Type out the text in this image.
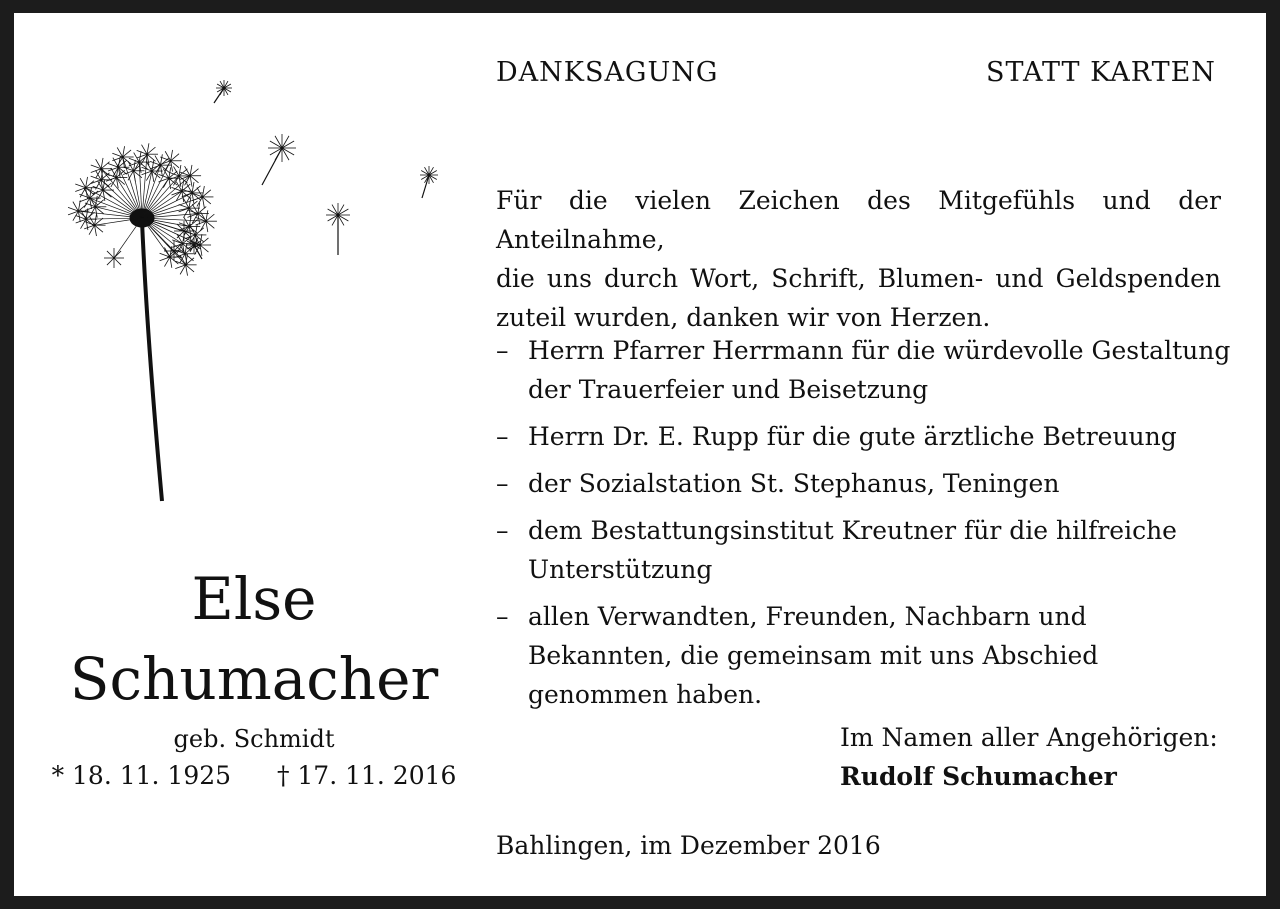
DANKSAGUNG	STATT KARTEN
Für die vielen Zeichen des Mitgefühls und der Anteilnahme,
die uns durch Wort, Schrift, Blumen- und Geldspenden
zuteil wurden, danken wir von Herzen.
– Herrn Pfarrer Herrmann für die würdevolle Gestaltung der Trauerfeier und Beisetzung
– Herrn Dr. E. Rupp für die gute ärztliche Betreuung
– der Sozialstation St. Stephanus, Teningen
– dem Bestattungsinstitut Kreutner für die hilfreiche Unterstützung
– allen Verwandten, Freunden, Nachbarn und Bekannten, die gemeinsam mit uns Abschied genommen haben.
Else
Schumacher
geb. Schmidt
* 18. 11. 1925 † 17. 11. 2016
Im Namen aller Angehörigen:
Rudolf Schumacher
Bahlingen, im Dezember 2016
